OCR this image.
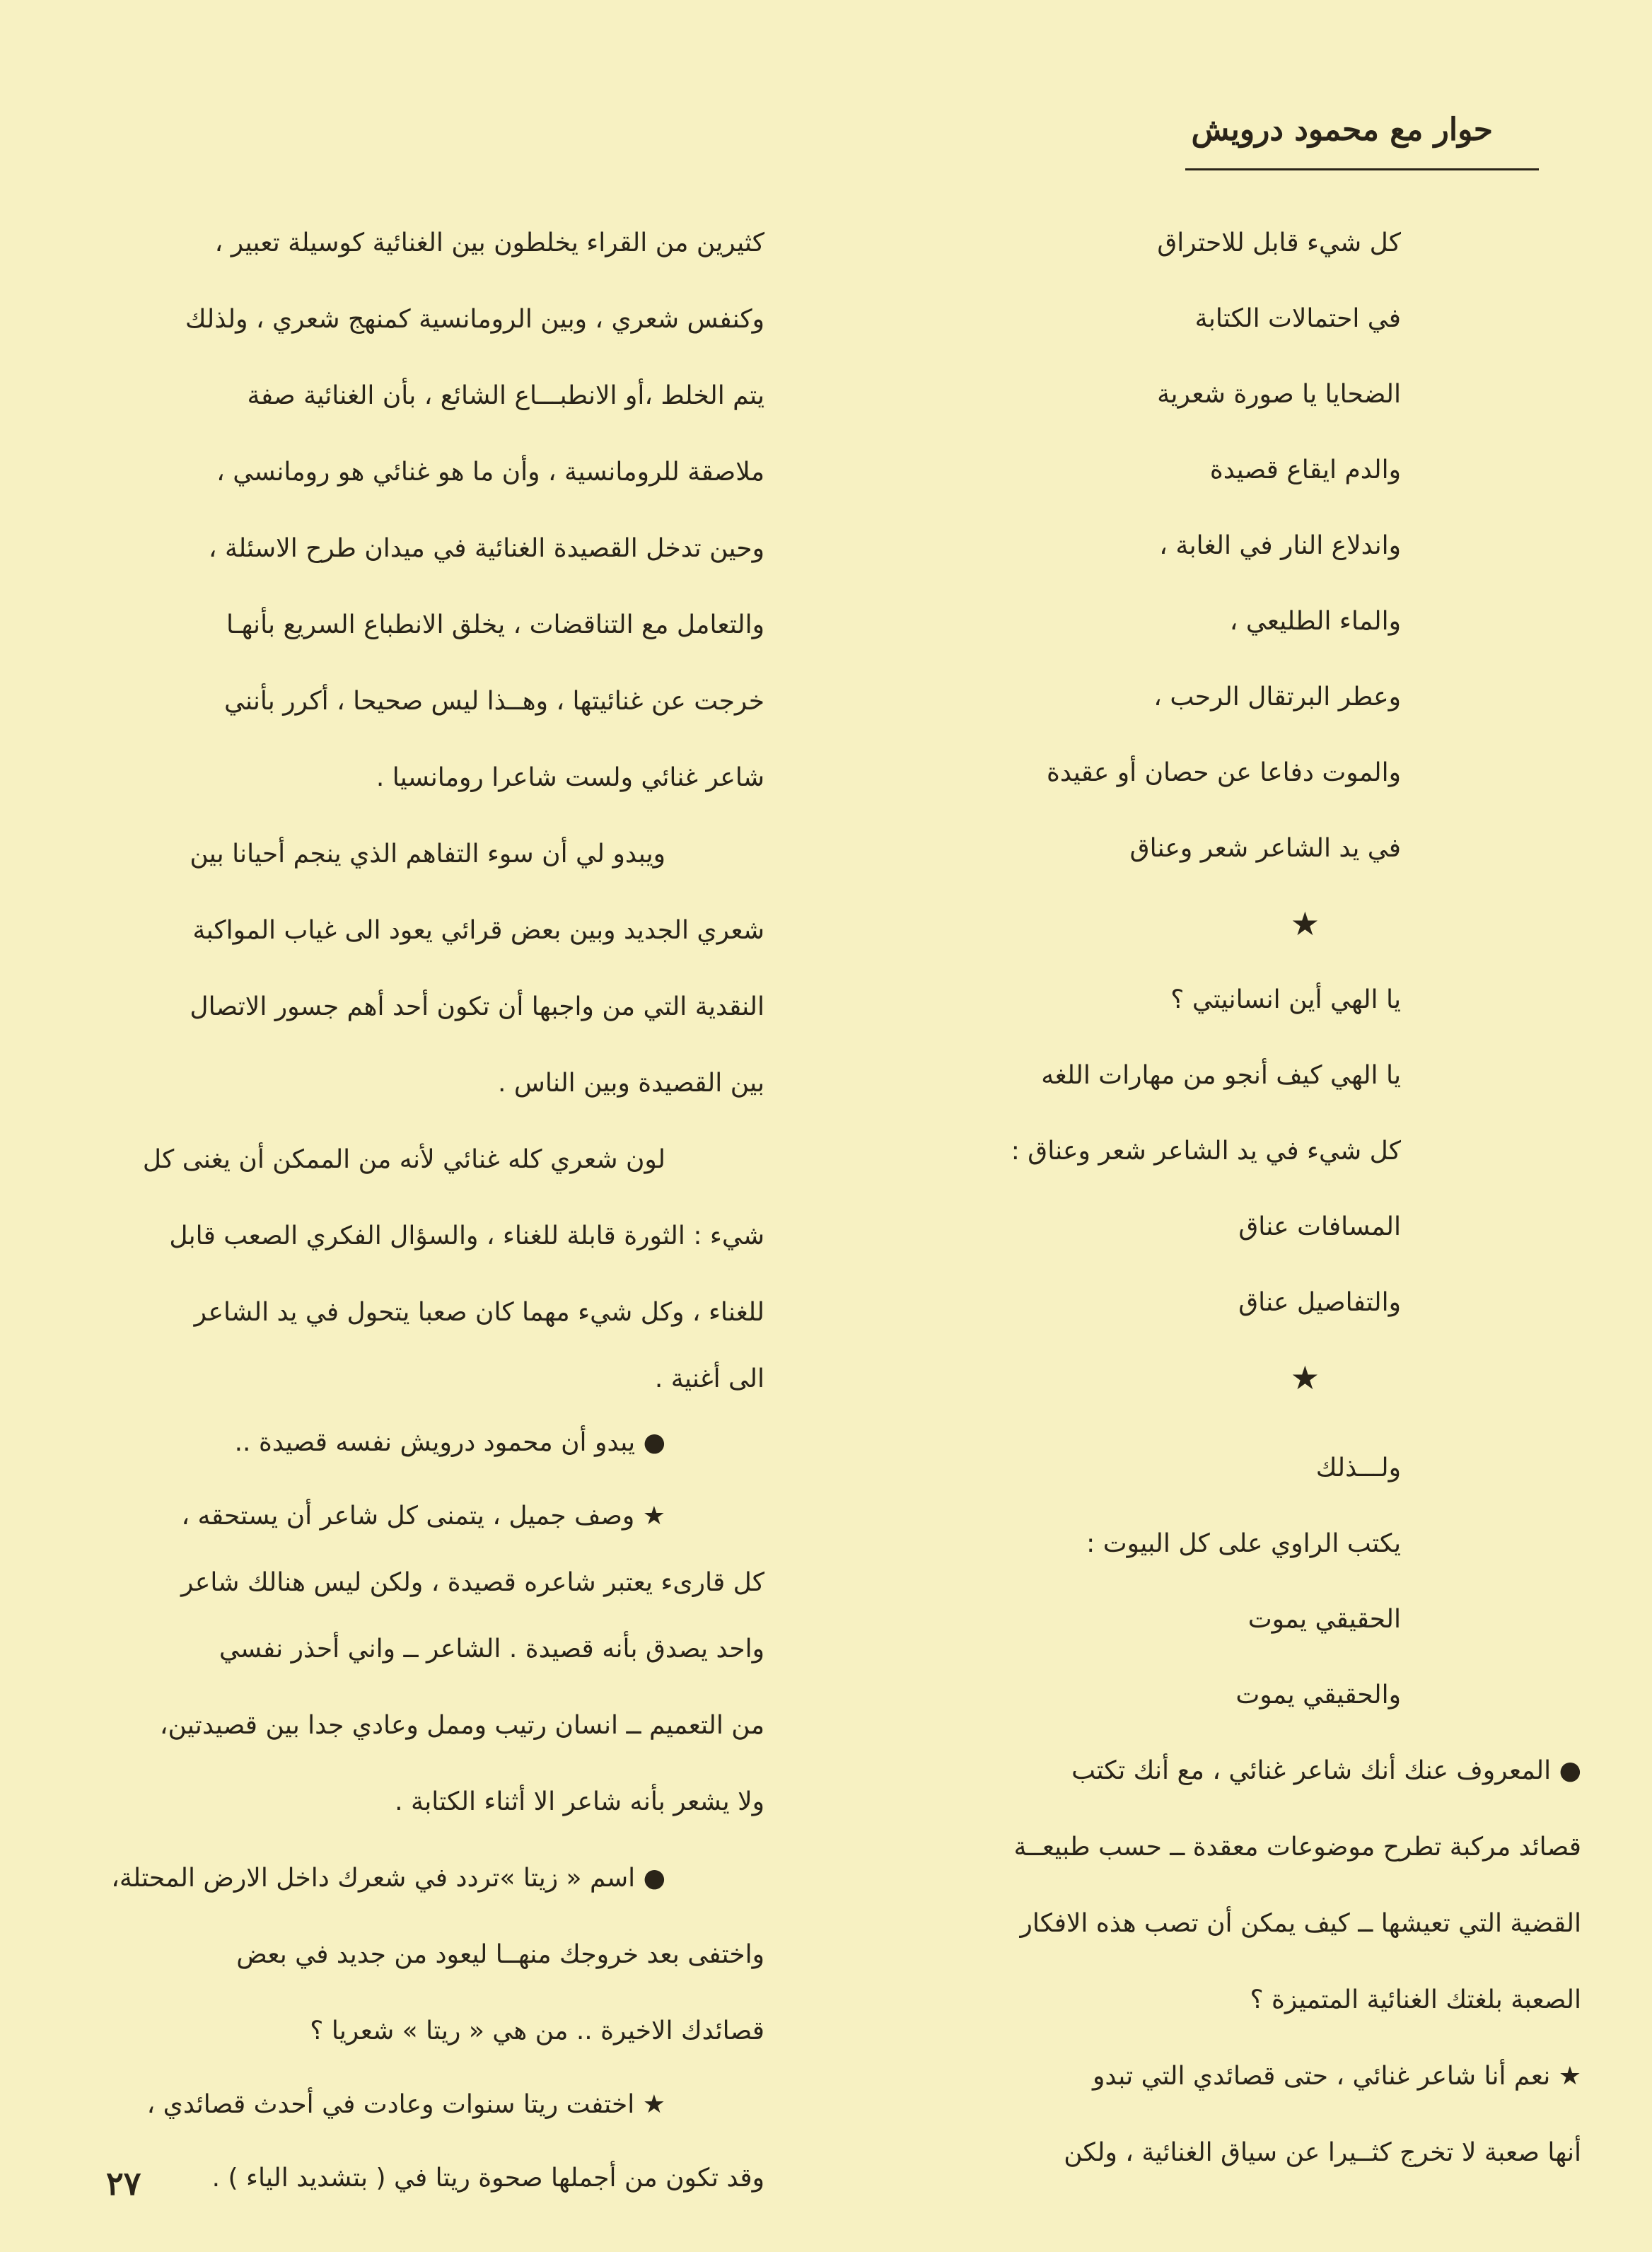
حوار مع محمود درويش
كل شيء قابل للاحتراق
في احتمالات الكتابة
الضحايا يا صورة شعرية
والدم ايقاع قصيدة
واندلاع النار في الغابة ،
والماء الطليعي ،
وعطر البرتقال الرحب ،
والموت دفاعا عن حصان أو عقيدة
في يد الشاعر شعر وعناق
★
يا الهي أين انسانيتي ؟
يا الهي كيف أنجو من مهارات اللغه
كل شيء في يد الشاعر شعر وعناق :
المسافات عناق
والتفاصيل عناق
★
ولـــذلك
يكتب الراوي على كل البيوت :
الحقيقي يموت
والحقيقي يموت
● المعروف عنك أنك شاعر غنائي ، مع أنك تكتب
قصائد مركبة تطرح موضوعات معقدة ــ حسب طبيعــة
القضية التي تعيشها ــ كيف يمكن أن تصب هذه الافكار
الصعبة بلغتك الغنائية المتميزة ؟
★ نعم أنا شاعر غنائي ، حتى قصائدي التي تبدو
أنها صعبة لا تخرج كثــيرا عن سياق الغنائية ، ولكن
كثيرين من القراء يخلطون بين الغنائية كوسيلة تعبير ،
وكنفس شعري ، وبين الرومانسية كمنهج شعري ، ولذلك
يتم الخلط ،أو الانطبـــاع الشائع ، بأن الغنائية صفة
ملاصقة للرومانسية ، وأن ما هو غنائي هو رومانسي ،
وحين تدخل القصيدة الغنائية في ميدان طرح الاسئلة ،
والتعامل مع التناقضات ، يخلق الانطباع السريع بأنهـا
خرجت عن غنائيتها ، وهــذا ليس صحيحا ، أكرر بأنني
شاعر غنائي ولست شاعرا رومانسيا .
ويبدو لي أن سوء التفاهم الذي ينجم أحيانا بين
شعري الجديد وبين بعض قرائي يعود الى غياب المواكبة
النقدية التي من واجبها أن تكون أحد أهم جسور الاتصال
بين القصيدة وبين الناس .
لون شعري كله غنائي لأنه من الممكن أن يغنى كل
شيء : الثورة قابلة للغناء ، والسؤال الفكري الصعب قابل
للغناء ، وكل شيء مهما كان صعبا يتحول في يد الشاعر
الى أغنية .
● يبدو أن محمود درويش نفسه قصيدة ..
★ وصف جميل ، يتمنى كل شاعر أن يستحقه ،
كل قارىء يعتبر شاعره قصيدة ، ولكن ليس هنالك شاعر
واحد يصدق بأنه قصيدة . الشاعر ــ واني أحذر نفسي
من التعميم ــ انسان رتيب وممل وعادي جدا بين قصيدتين،
ولا يشعر بأنه شاعر الا أثناء الكتابة .
● اسم « زيتا »تردد في شعرك داخل الارض المحتلة،
واختفى بعد خروجك منهــا ليعود من جديد في بعض
قصائدك الاخيرة .. من هي « ريتا » شعريا ؟
★ اختفت ريتا سنوات وعادت في أحدث قصائدي ،
وقد تكون من أجملها صحوة ريتا في ( بتشديد الياء ) .
٢٧
